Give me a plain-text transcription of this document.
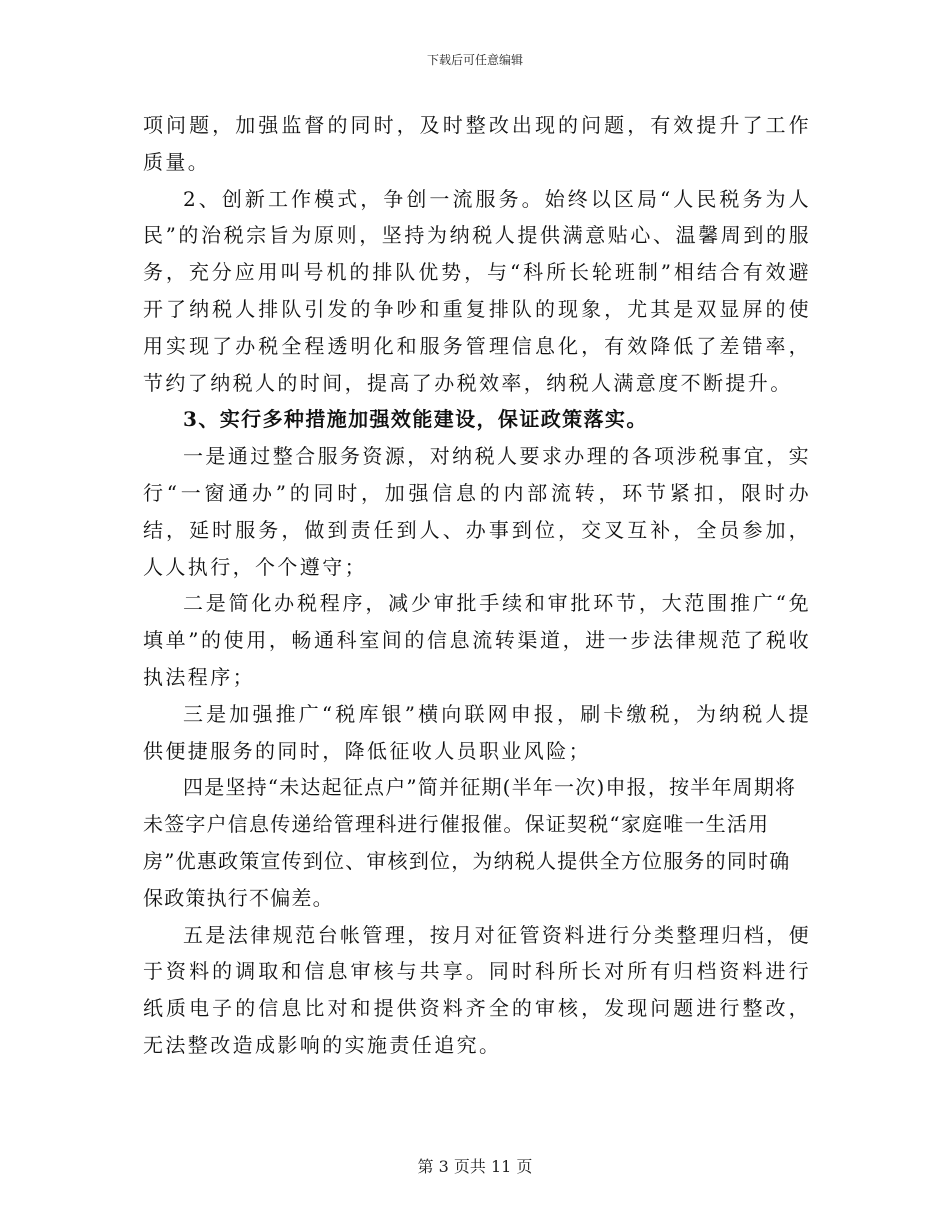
下载后可任意编辑

项问题，加强监督的同时，及时整改出现的问题，有效提升了工作质量。

2、创新工作模式，争创一流服务。始终以区局“人民税务为人民”的治税宗旨为原则，坚持为纳税人提供满意贴心、温馨周到的服务，充分应用叫号机的排队优势，与“科所长轮班制”相结合有效避开了纳税人排队引发的争吵和重复排队的现象，尤其是双显屏的使用实现了办税全程透明化和服务管理信息化，有效降低了差错率，节约了纳税人的时间，提高了办税效率，纳税人满意度不断提升。

3、实行多种措施加强效能建设，保证政策落实。

一是通过整合服务资源，对纳税人要求办理的各项涉税事宜，实行“一窗通办”的同时，加强信息的内部流转，环节紧扣，限时办结，延时服务，做到责任到人、办事到位，交叉互补，全员参加，人人执行，个个遵守；

二是简化办税程序，减少审批手续和审批环节，大范围推广“免填单”的使用，畅通科室间的信息流转渠道，进一步法律规范了税收执法程序；

三是加强推广“税库银”横向联网申报，刷卡缴税，为纳税人提供便捷服务的同时，降低征收人员职业风险；

四是坚持“未达起征点户”简并征期(半年一次)申报，按半年周期将未签字户信息传递给管理科进行催报催。保证契税“家庭唯一生活用房”优惠政策宣传到位、审核到位，为纳税人提供全方位服务的同时确保政策执行不偏差。

五是法律规范台帐管理，按月对征管资料进行分类整理归档，便于资料的调取和信息审核与共享。同时科所长对所有归档资料进行纸质电子的信息比对和提供资料齐全的审核，发现问题进行整改，无法整改造成影响的实施责任追究。

第 3 页共 11 页
